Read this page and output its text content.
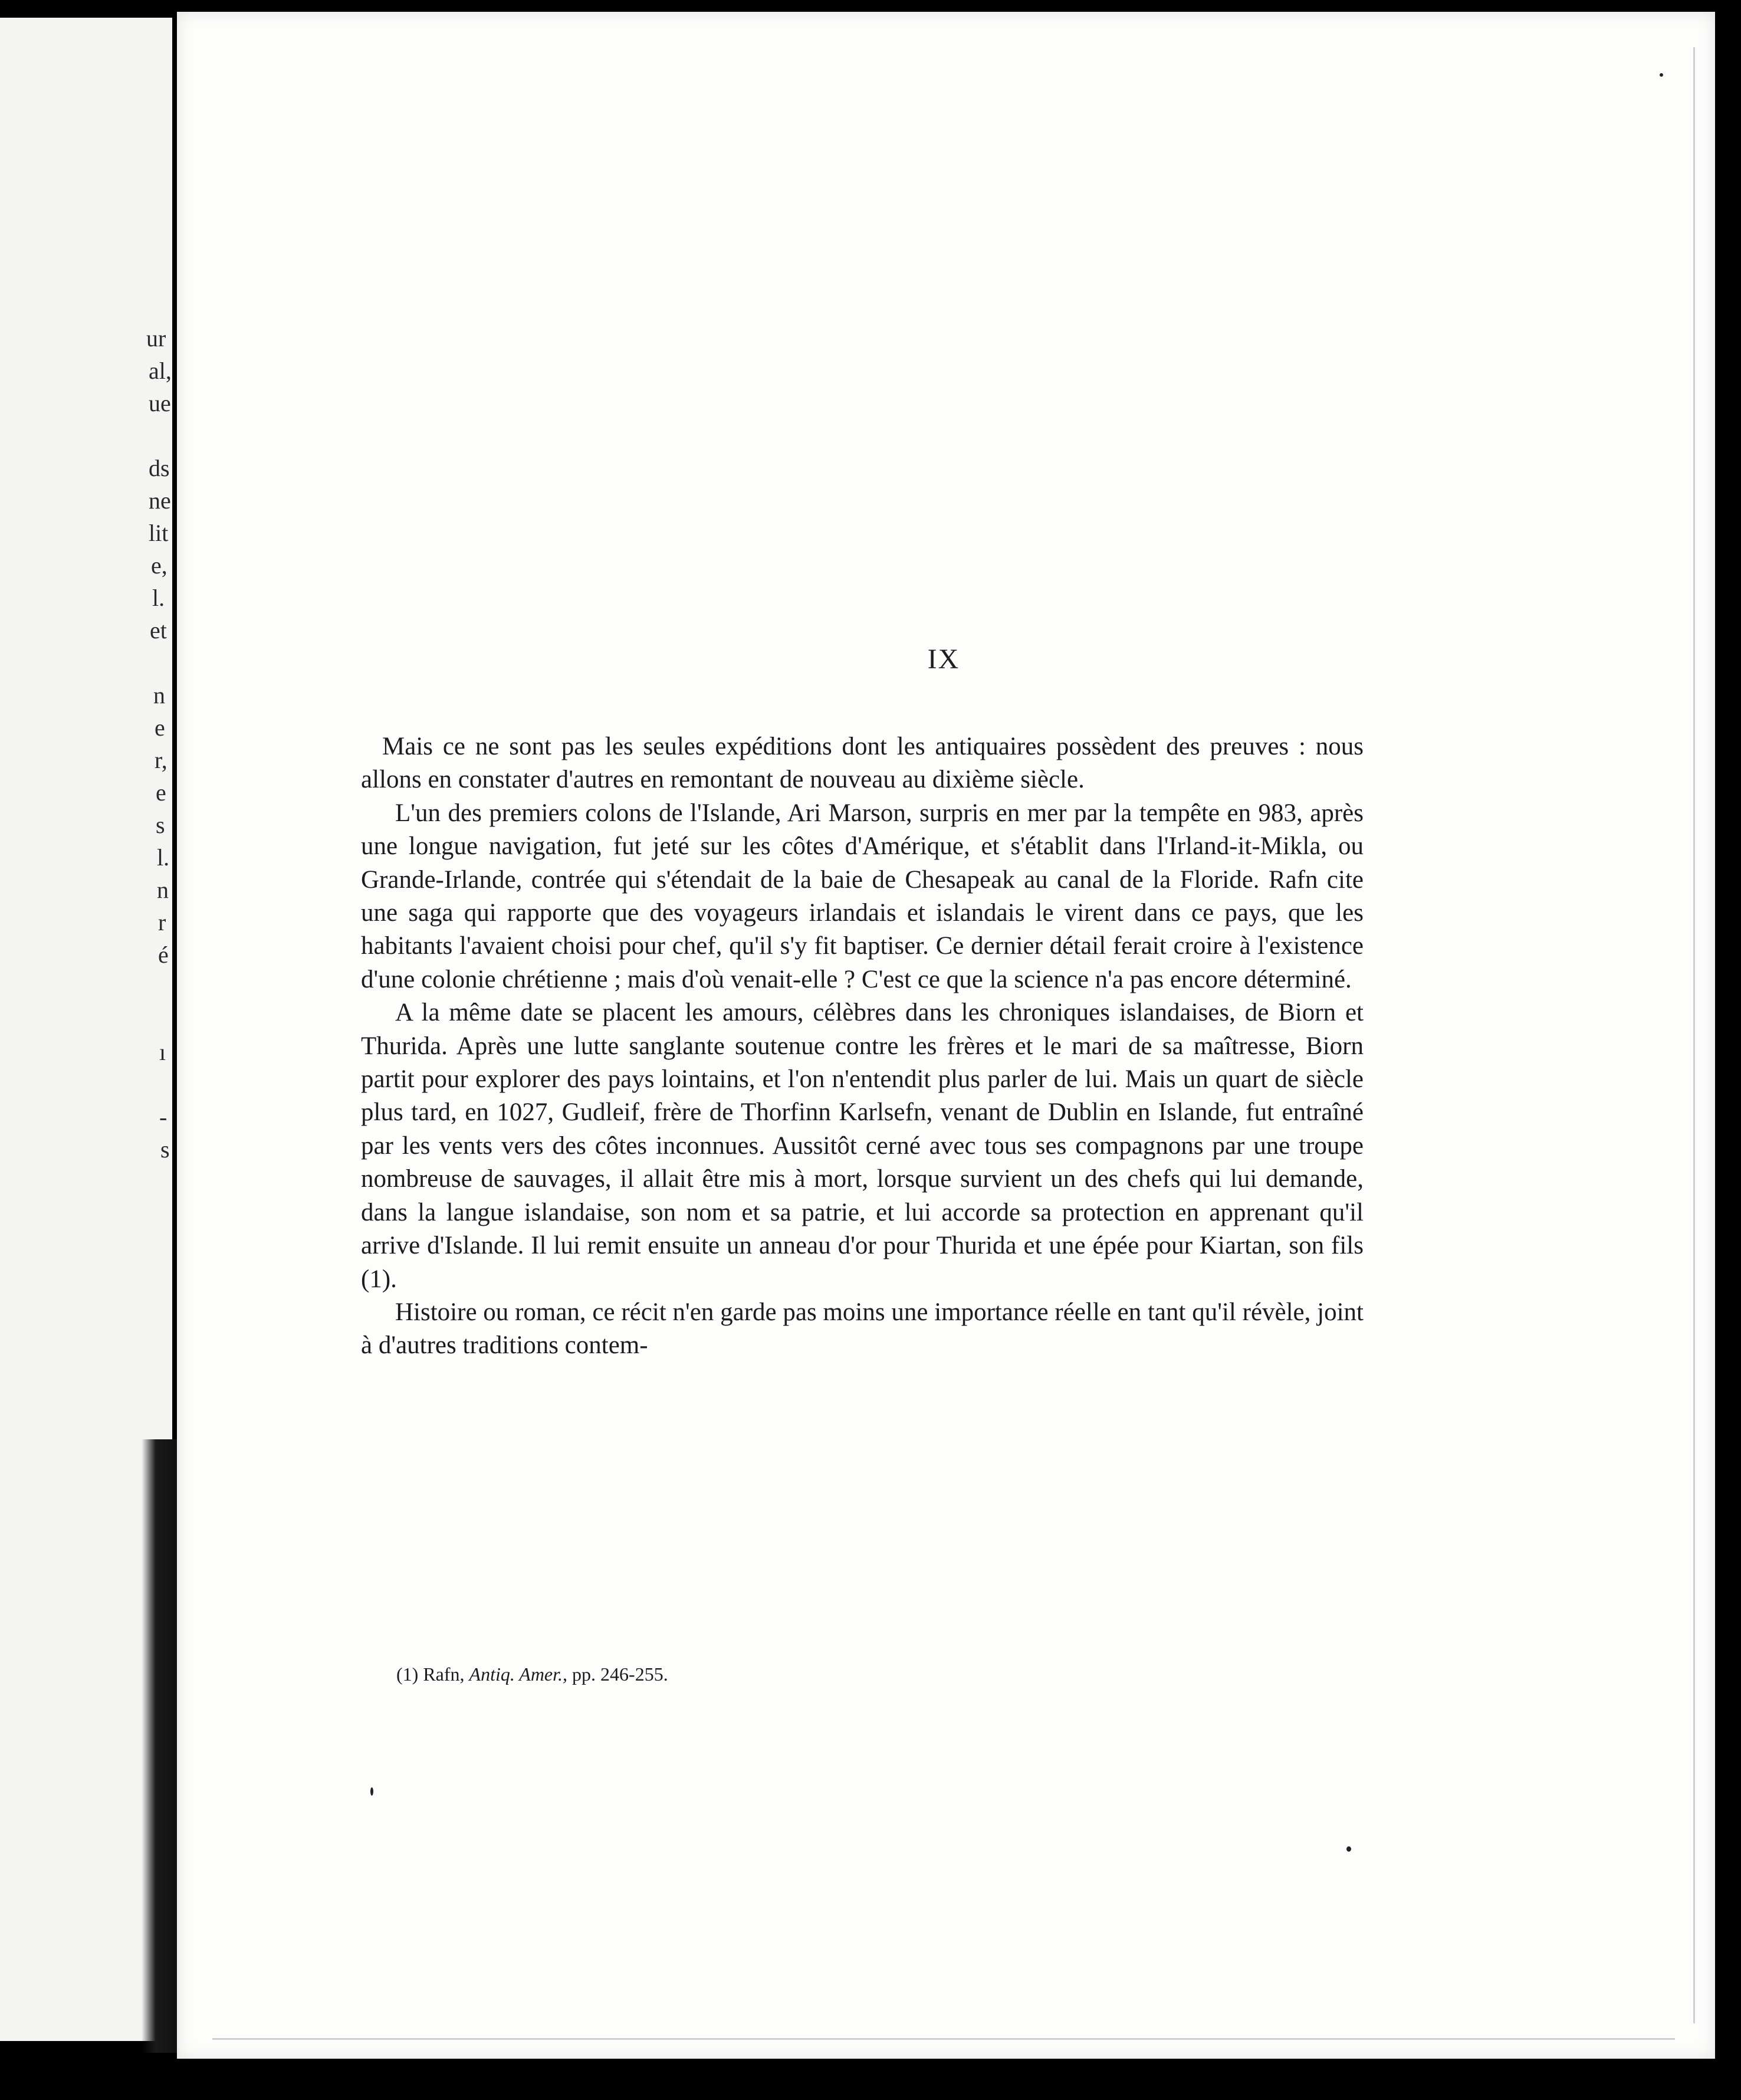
ur
al,
ue
ds
ne
lit
e,
l.
et
n
e
r,
e
s
l.
n
r
é
ı
-
s
IX

Mais ce ne sont pas les seules expéditions dont les antiquaires possèdent des preuves : nous allons en constater d'autres en remontant de nouveau au dixième siècle.

L'un des premiers colons de l'Islande, Ari Marson, surpris en mer par la tempête en 983, après une longue navigation, fut jeté sur les côtes d'Amérique, et s'établit dans l'Irland-it-Mikla, ou Grande-Irlande, contrée qui s'étendait de la baie de Chesapeak au canal de la Floride. Rafn cite une saga qui rapporte que des voyageurs irlandais et islandais le virent dans ce pays, que les habitants l'avaient choisi pour chef, qu'il s'y fit baptiser. Ce dernier détail ferait croire à l'existence d'une colonie chrétienne ; mais d'où venait-elle ? C'est ce que la science n'a pas encore déterminé.

A la même date se placent les amours, célèbres dans les chroniques islandaises, de Biorn et Thurida. Après une lutte sanglante soutenue contre les frères et le mari de sa maîtresse, Biorn partit pour explorer des pays lointains, et l'on n'entendit plus parler de lui. Mais un quart de siècle plus tard, en 1027, Gudleif, frère de Thorfinn Karlsefn, venant de Dublin en Islande, fut entraîné par les vents vers des côtes inconnues. Aussitôt cerné avec tous ses compagnons par une troupe nombreuse de sauvages, il allait être mis à mort, lorsque survient un des chefs qui lui demande, dans la langue islandaise, son nom et sa patrie, et lui accorde sa protection en apprenant qu'il arrive d'Islande. Il lui remit ensuite un anneau d'or pour Thurida et une épée pour Kiartan, son fils (1).

Histoire ou roman, ce récit n'en garde pas moins une importance réelle en tant qu'il révèle, joint à d'autres traditions contem-

(1) Rafn, Antiq. Amer., pp. 246-255.
